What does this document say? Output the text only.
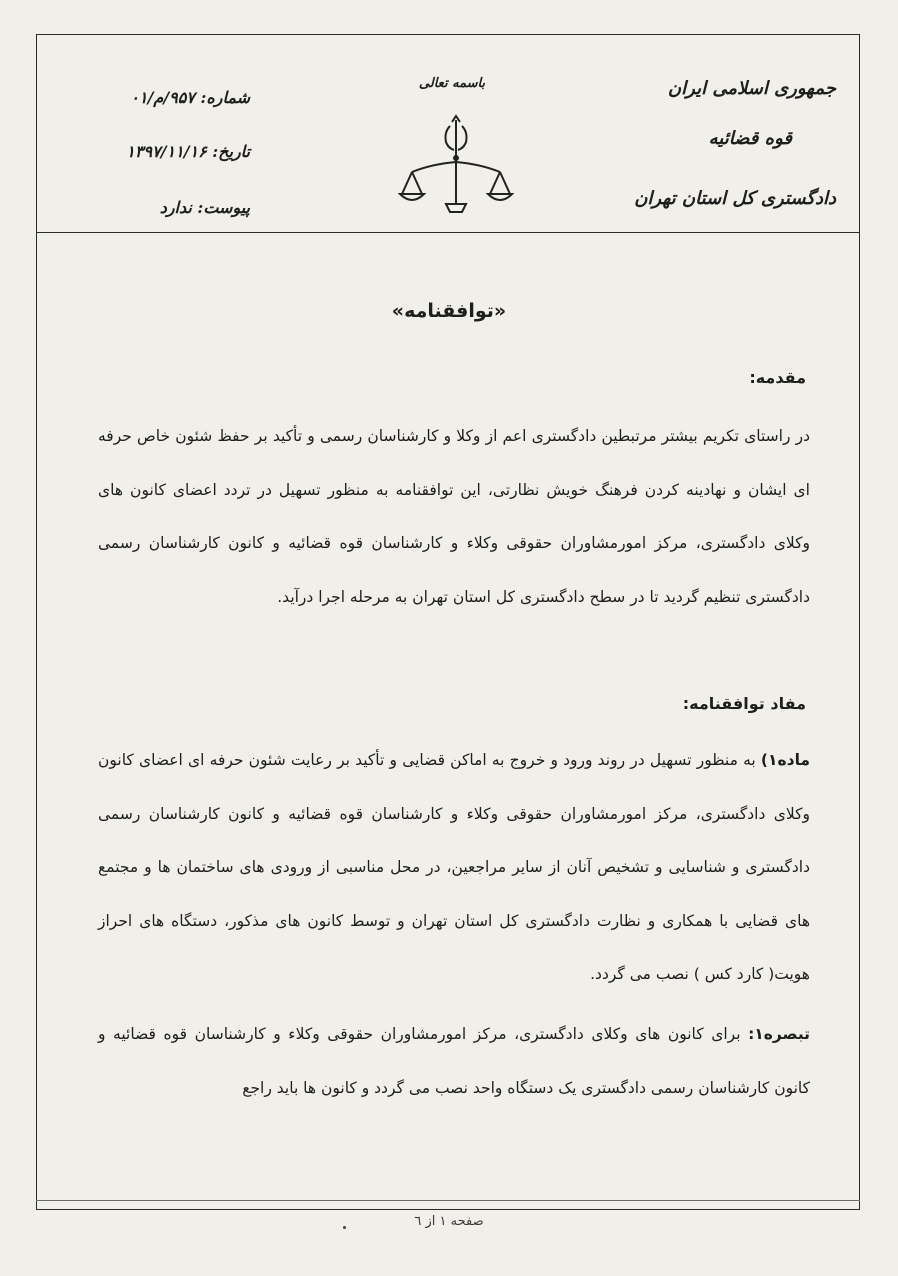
جمهوری اسلامی ایران
قوه قضائیه
دادگستری کل استان تهران
باسمه تعالی
شماره: ۹۵۷/م/۰۱
تاریخ: ۱۳۹۷/۱۱/۱۶
پیوست: ندارد
«توافقنامه»
مقدمه:
در راستای تکریم بیشتر مرتبطین دادگستری اعم از وکلا و کارشناسان رسمی و تأکید بر حفظ شئون خاص حرفه ای ایشان و نهادینه کردن فرهنگ خویش نظارتی، این توافقنامه به منظور تسهیل در تردد اعضای کانون های وکلای دادگستری، مرکز امورمشاوران حقوقی وکلاء و کارشناسان قوه قضائیه و کانون کارشناسان رسمی دادگستری تنظیم گردید تا در سطح دادگستری کل استان تهران به مرحله اجرا درآید.
مفاد توافقنامه:
ماده۱) به منظور تسهیل در روند ورود و خروج به اماکن قضایی و تأکید بر رعایت شئون حرفه ای اعضای کانون وکلای دادگستری، مرکز امورمشاوران حقوقی وکلاء و کارشناسان قوه قضائیه و کانون کارشناسان رسمی دادگستری و شناسایی و تشخیص آنان از سایر مراجعین، در محل مناسبی از ورودی های ساختمان ها و مجتمع های قضایی با همکاری و نظارت دادگستری کل استان تهران و توسط کانون های مذکور، دستگاه های احراز هویت( کارد کس ) نصب می گردد.
تبصره۱: برای کانون های وکلای دادگستری، مرکز امورمشاوران حقوقی وکلاء و کارشناسان قوه قضائیه و کانون کارشناسان رسمی دادگستری یک دستگاه واحد نصب می گردد و کانون ها باید راجع
صفحه ۱ از ٦
